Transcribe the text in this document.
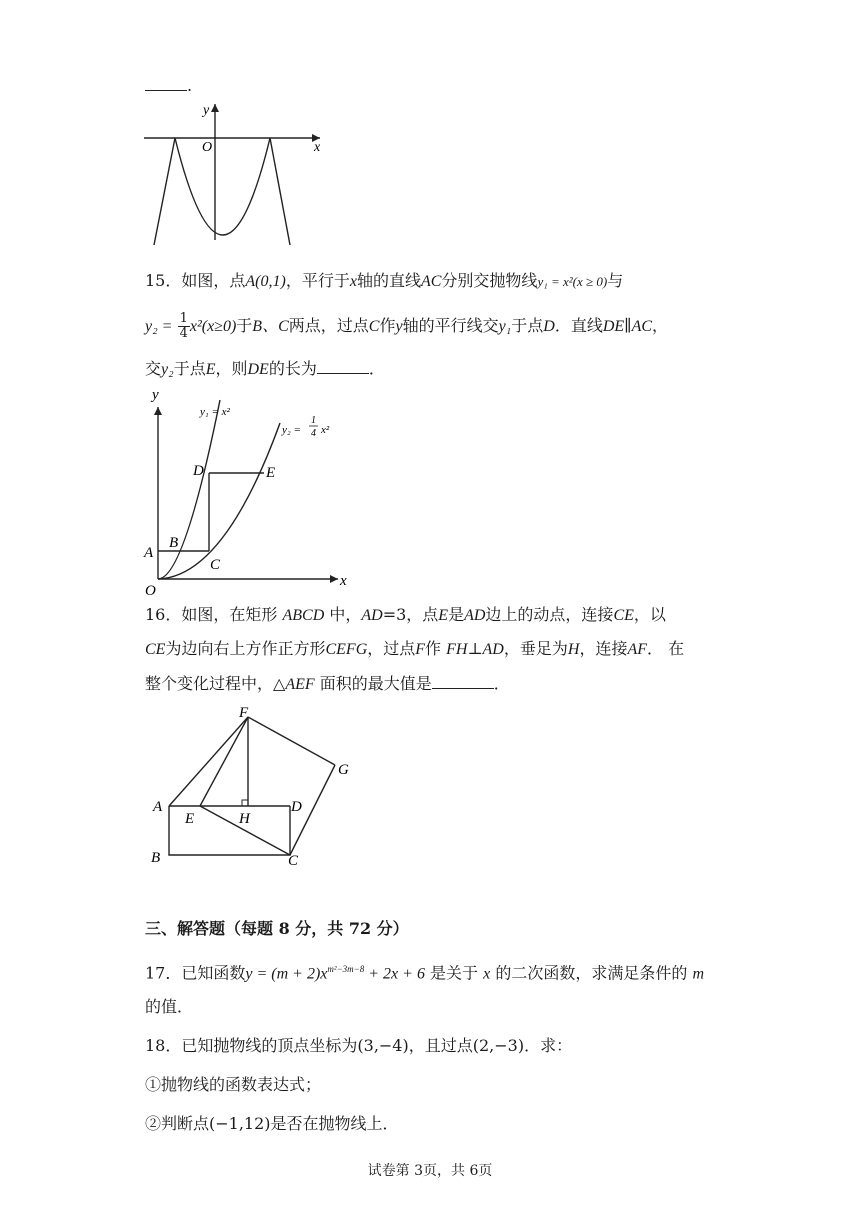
.
y
O	x
15．如图，点A(0,1)，平行于x轴的直线AC分别交抛物线y₁ = x²(x ≥ 0)与
$y_2 = \frac{1}{4} x^2(x\ge 0)$于B、C两点，过点C作y轴的平行线交y₁于点D．直线DE∥AC，
交y₂于点E，则DE的长为	．
y
x
O
y₁ = x²
y₂ =
1
4 x²
A
B
C
D	E
16．如图，在矩形 ABCD 中，AD=3，点E是AD边上的动点，连接CE，以
CE为边向右上方作正方形CEFG，过点F作 FH⊥AD，垂足为H，连接AF． 在
整个变化过程中，△AEF 面积的最大值是	．
A
B	C
D
E
F
G
H
三、解答题（每题 8 分，共 72 分）
17．已知函数$y = (m + 2)x^{m^2-3m-8} + 2x + 6$ 是关于 x 的二次函数，求满足条件的 m
的值．
18．已知抛物线的顶点坐标为(3,−4)，且过点(2,−3)．求：
①抛物线的函数表达式；
②判断点(−1,12)是否在抛物线上．
试卷第 3页，共 6页
